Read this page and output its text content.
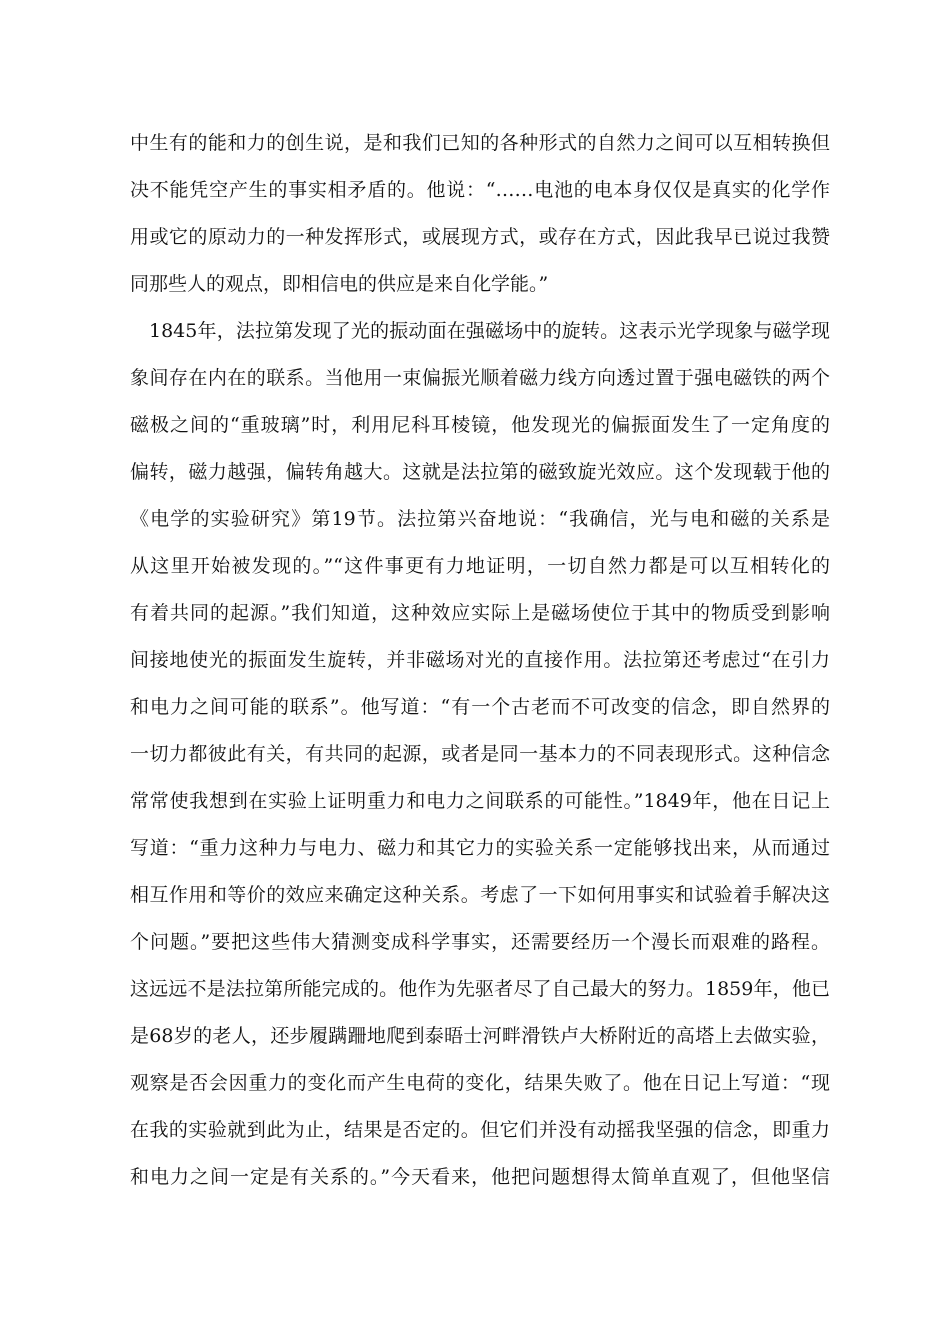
中生有的能和力的创生说，是和我们已知的各种形式的自然力之间可以互相转换但
决不能凭空产生的事实相矛盾的。他说：“……电池的电本身仅仅是真实的化学作
用或它的原动力的一种发挥形式，或展现方式，或存在方式，因此我早已说过我赞
同那些人的观点，即相信电的供应是来自化学能。”
1845年，法拉第发现了光的振动面在强磁场中的旋转。这表示光学现象与磁学现
象间存在内在的联系。当他用一束偏振光顺着磁力线方向透过置于强电磁铁的两个
磁极之间的“重玻璃”时，利用尼科耳棱镜，他发现光的偏振面发生了一定角度的
偏转，磁力越强，偏转角越大。这就是法拉第的磁致旋光效应。这个发现载于他的
《电学的实验研究》第19节。法拉第兴奋地说：“我确信，光与电和磁的关系是
从这里开始被发现的。”“这件事更有力地证明，一切自然力都是可以互相转化的
有着共同的起源。”我们知道，这种效应实际上是磁场使位于其中的物质受到影响
间接地使光的振面发生旋转，并非磁场对光的直接作用。法拉第还考虑过“在引力
和电力之间可能的联系”。他写道：“有一个古老而不可改变的信念，即自然界的
一切力都彼此有关，有共同的起源，或者是同一基本力的不同表现形式。这种信念
常常使我想到在实验上证明重力和电力之间联系的可能性。”1849年，他在日记上
写道：“重力这种力与电力、磁力和其它力的实验关系一定能够找出来，从而通过
相互作用和等价的效应来确定这种关系。考虑了一下如何用事实和试验着手解决这
个问题。”要把这些伟大猜测变成科学事实，还需要经历一个漫长而艰难的路程。
这远远不是法拉第所能完成的。他作为先驱者尽了自己最大的努力。1859年，他已
是68岁的老人，还步履蹒跚地爬到泰晤士河畔滑铁卢大桥附近的高塔上去做实验，
观察是否会因重力的变化而产生电荷的变化，结果失败了。他在日记上写道：“现
在我的实验就到此为止，结果是否定的。但它们并没有动摇我坚强的信念，即重力
和电力之间一定是有关系的。”今天看来，他把问题想得太简单直观了，但他坚信
